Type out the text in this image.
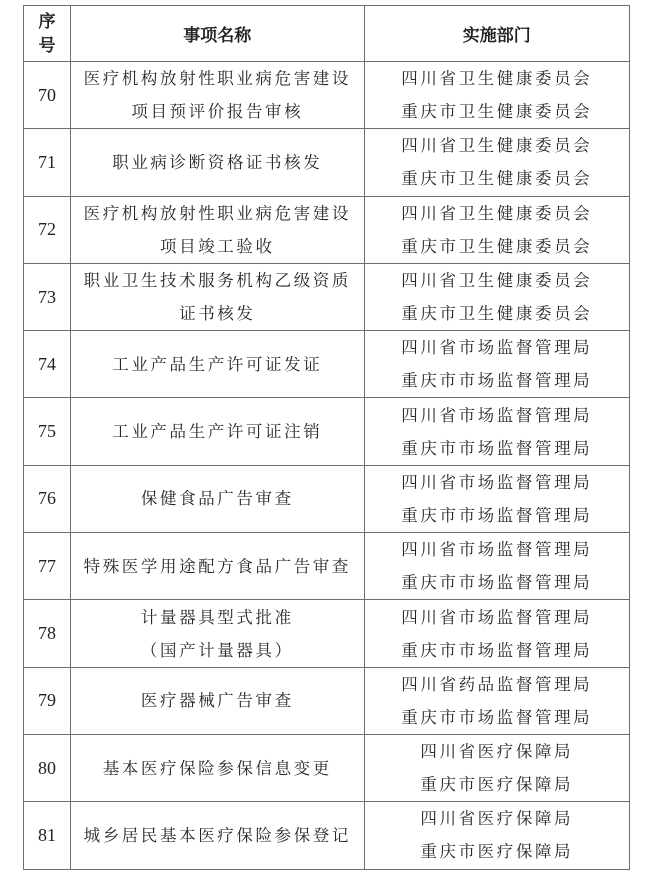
序
号	事项名称	实施部门
70	医疗机构放射性职业病危害建设
项目预评价报告审核	四川省卫生健康委员会
重庆市卫生健康委员会

71	职业病诊断资格证书核发	四川省卫生健康委员会
重庆市卫生健康委员会

72	医疗机构放射性职业病危害建设
项目竣工验收	四川省卫生健康委员会
重庆市卫生健康委员会

73	职业卫生技术服务机构乙级资质
证书核发	四川省卫生健康委员会
重庆市卫生健康委员会

74	工业产品生产许可证发证	四川省市场监督管理局
重庆市市场监督管理局

75	工业产品生产许可证注销	四川省市场监督管理局
重庆市市场监督管理局

76	保健食品广告审查	四川省市场监督管理局
重庆市市场监督管理局

77	特殊医学用途配方食品广告审查	四川省市场监督管理局
重庆市市场监督管理局

78	计量器具型式批准
（国产计量器具）	四川省市场监督管理局
重庆市市场监督管理局

79	医疗器械广告审查	四川省药品监督管理局
重庆市市场监督管理局

80	基本医疗保险参保信息变更	四川省医疗保障局
重庆市医疗保障局

81	城乡居民基本医疗保险参保登记	四川省医疗保障局
重庆市医疗保障局
